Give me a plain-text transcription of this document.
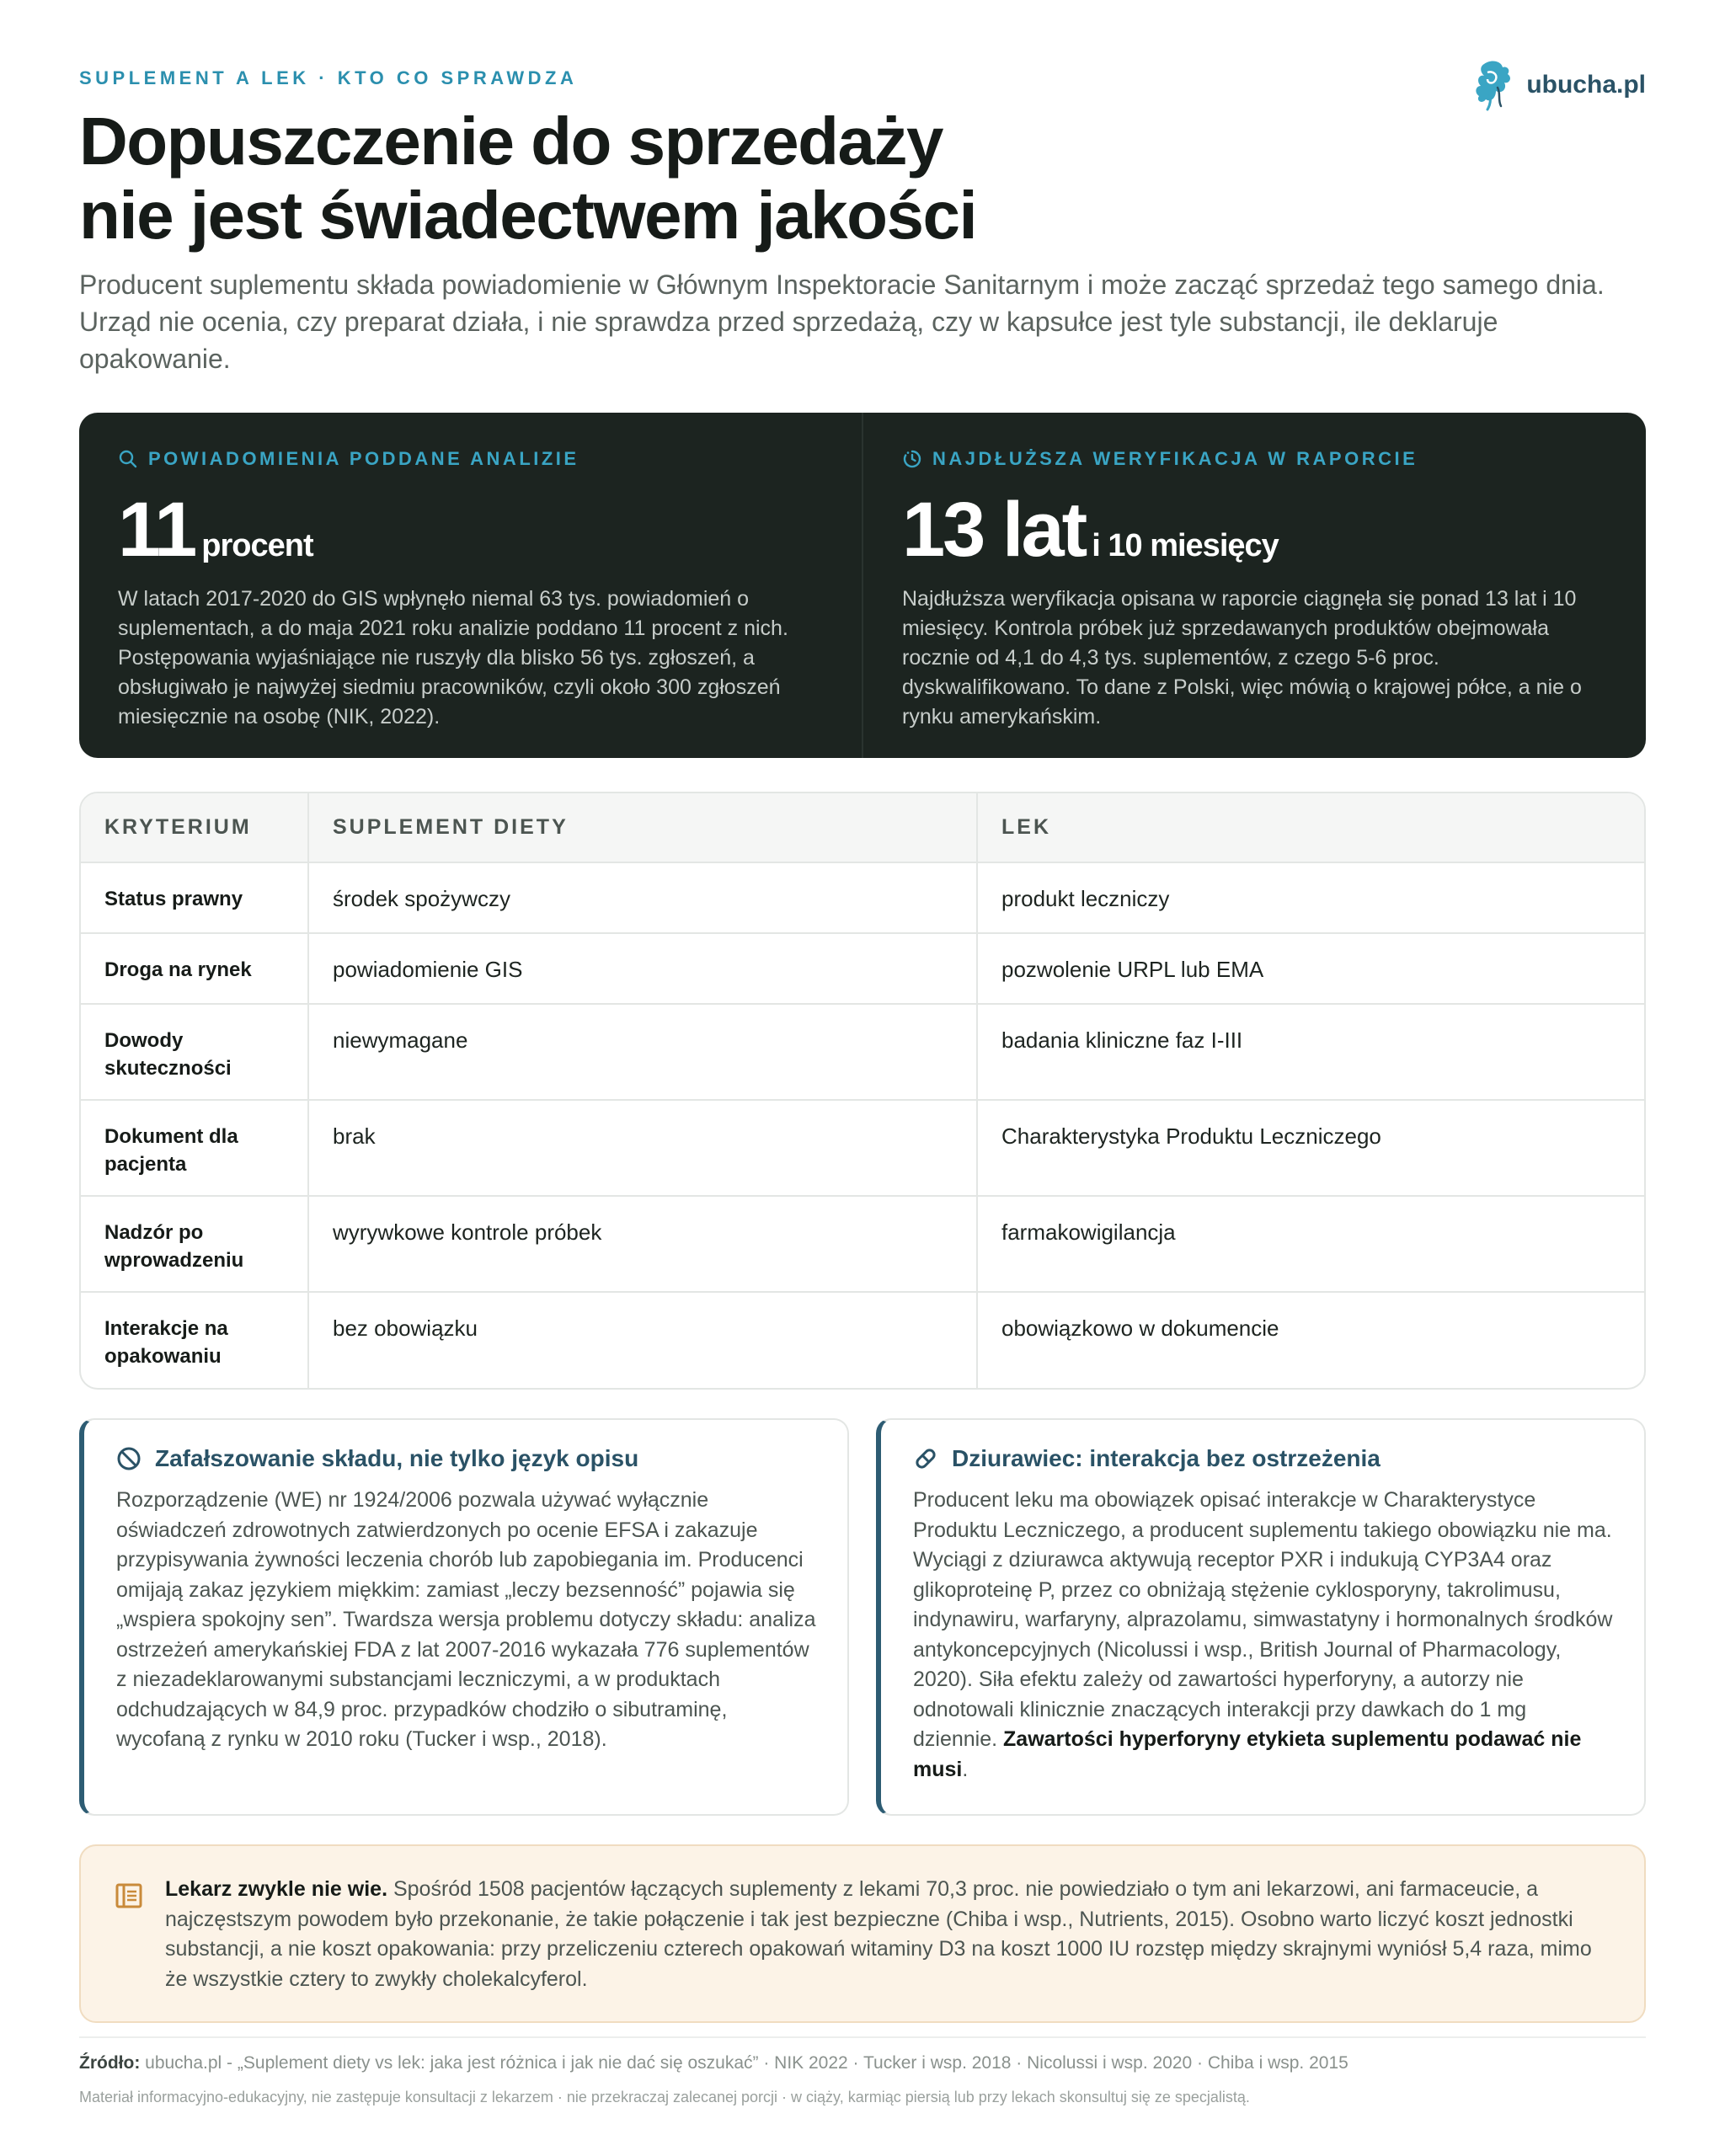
SUPLEMENT A LEK · KTO CO SPRAWDZA	ubucha.pl
Dopuszczenie do sprzedaży
nie jest świadectwem jakości

Producent suplementu składa powiadomienie w Głównym Inspektoracie Sanitarnym i może zacząć sprzedaż tego samego dnia. Urząd nie ocenia, czy preparat działa, i nie sprawdza przed sprzedażą, czy w kapsułce jest tyle substancji, ile deklaruje opakowanie.

POWIADOMIENIA PODDANE ANALIZIE
11 procent

W latach 2017‑2020 do GIS wpłynęło niemal 63 tys. powiadomień o suplementach, a do maja 2021 roku analizie poddano 11 procent z nich. Postępowania wyjaśniające nie ruszyły dla blisko 56 tys. zgłoszeń, a obsługiwało je najwyżej siedmiu pracowników, czyli około 300 zgłoszeń miesięcznie na osobę (NIK, 2022).

NAJDŁUŻSZA WERYFIKACJA W RAPORCIE
13 lat i 10 miesięcy

Najdłuższa weryfikacja opisana w raporcie ciągnęła się ponad 13 lat i 10 miesięcy. Kontrola próbek już sprzedawanych produktów obejmowała rocznie od 4,1 do 4,3 tys. suplementów, z czego 5‑6 proc. dyskwalifikowano. To dane z Polski, więc mówią o krajowej półce, a nie o rynku amerykańskim.

KRYTERIUM	SUPLEMENT DIETY	LEK
Status prawny	środek spożywczy	produkt leczniczy
Droga na rynek	powiadomienie GIS	pozwolenie URPL lub EMA
Dowody skuteczności	niewymagane	badania kliniczne faz I‑III
Dokument dla pacjenta	brak	Charakterystyka Produktu Leczniczego
Nadzór po wprowadzeniu	wyrywkowe kontrole próbek	farmakowigilancja
Interakcje na opakowaniu	bez obowiązku	obowiązkowo w dokumencie
Zafałszowanie składu, nie tylko język opisu

Rozporządzenie (WE) nr 1924/2006 pozwala używać wyłącznie oświadczeń zdrowotnych zatwierdzonych po ocenie EFSA i zakazuje przypisywania żywności leczenia chorób lub zapobiegania im. Producenci omijają zakaz językiem miękkim: zamiast „leczy bezsenność” pojawia się „wspiera spokojny sen”. Twardsza wersja problemu dotyczy składu: analiza ostrzeżeń amerykańskiej FDA z lat 2007‑2016 wykazała 776 suplementów z niezadeklarowanymi substancjami leczniczymi, a w produktach odchudzających w 84,9 proc. przypadków chodziło o sibutraminę, wycofaną z rynku w 2010 roku (Tucker i wsp., 2018).

Dziurawiec: interakcja bez ostrzeżenia

Producent leku ma obowiązek opisać interakcje w Charakterystyce Produktu Leczniczego, a producent suplementu takiego obowiązku nie ma. Wyciągi z dziurawca aktywują receptor PXR i indukują CYP3A4 oraz glikoproteinę P, przez co obniżają stężenie cyklosporyny, takrolimusu, indynawiru, warfaryny, alprazolamu, simwastatyny i hormonalnych środków antykoncepcyjnych (Nicolussi i wsp., British Journal of Pharmacology, 2020). Siła efektu zależy od zawartości hyperforyny, a autorzy nie odnotowali klinicznie znaczących interakcji przy dawkach do 1 mg dziennie. Zawartości hyperforyny etykieta suplementu podawać nie musi.

Lekarz zwykle nie wie. Spośród 1508 pacjentów łączących suplementy z lekami 70,3 proc. nie powiedziało o tym ani lekarzowi, ani farmaceucie, a najczęstszym powodem było przekonanie, że takie połączenie i tak jest bezpieczne (Chiba i wsp., Nutrients, 2015). Osobno warto liczyć koszt jednostki substancji, a nie koszt opakowania: przy przeliczeniu czterech opakowań witaminy D3 na koszt 1000 IU rozstęp między skrajnymi wyniósł 5,4 raza, mimo że wszystkie cztery to zwykły cholekalcyferol.

Źródło: ubucha.pl - „Suplement diety vs lek: jaka jest różnica i jak nie dać się oszukać” · NIK 2022 · Tucker i wsp. 2018 · Nicolussi i wsp. 2020 · Chiba i wsp. 2015

Materiał informacyjno‑edukacyjny, nie zastępuje konsultacji z lekarzem · nie przekraczaj zalecanej porcji · w ciąży, karmiąc piersią lub przy lekach skonsultuj się ze specjalistą.
